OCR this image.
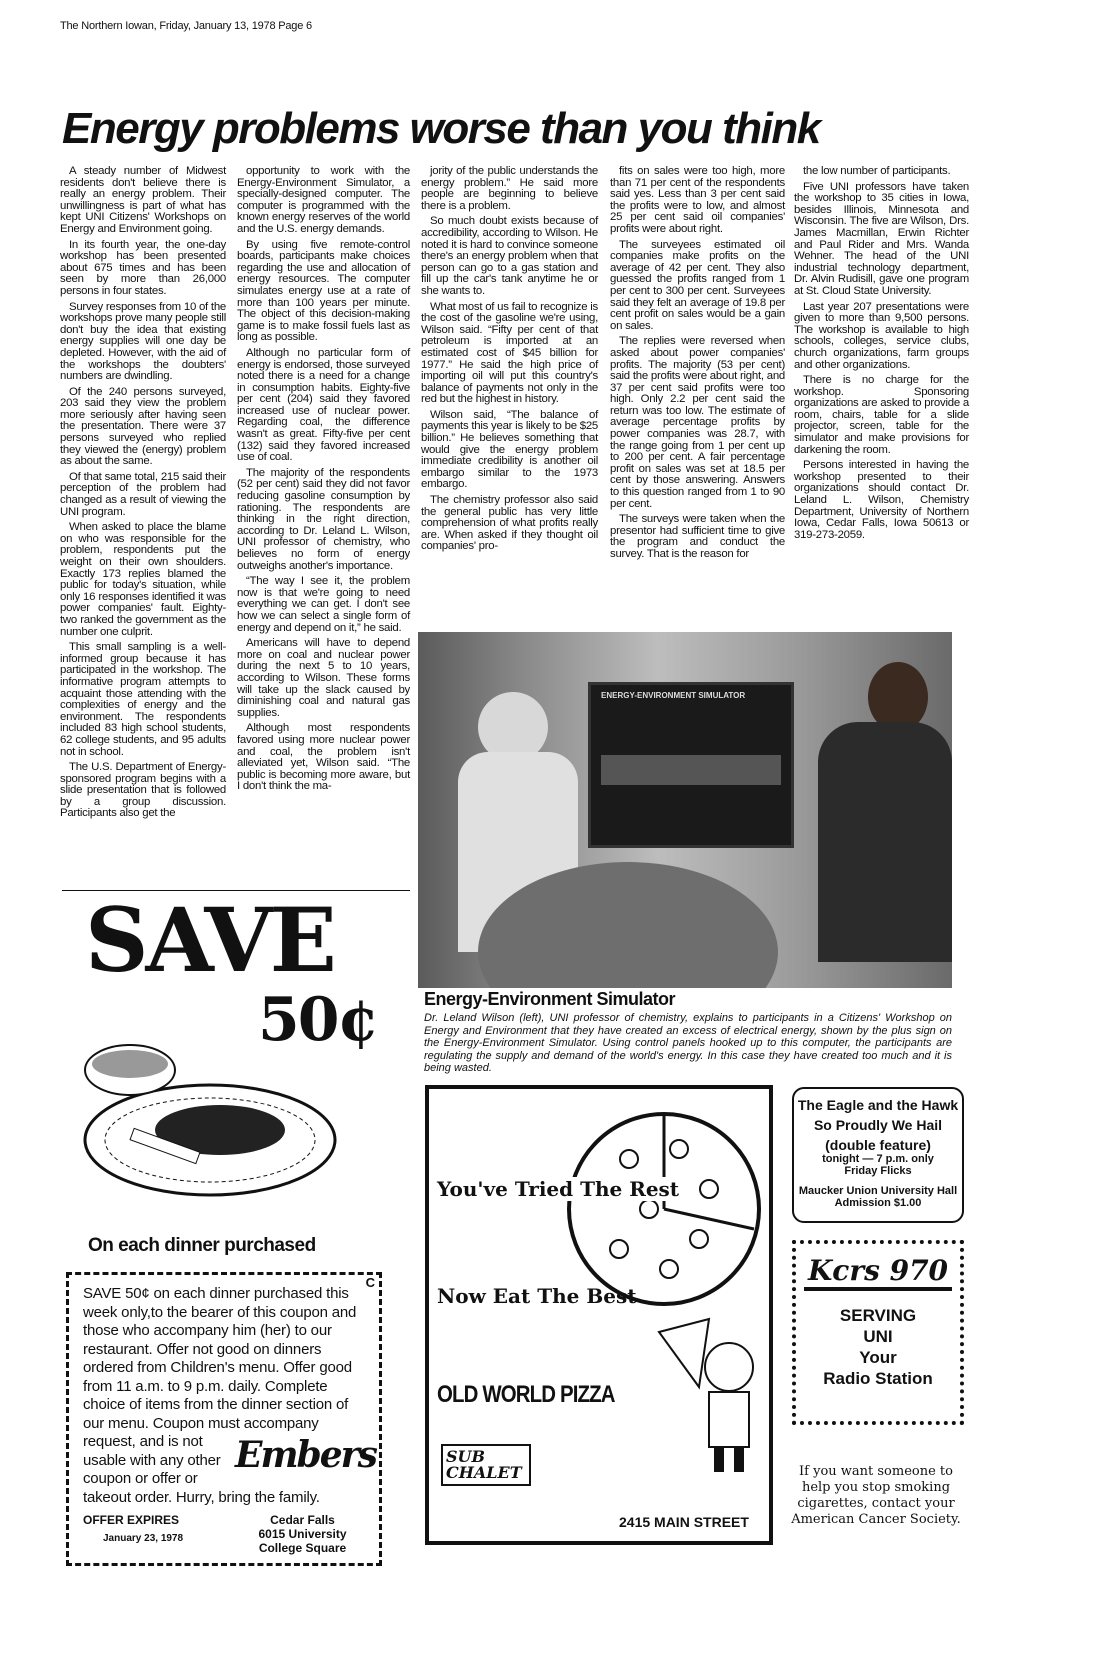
The Northern Iowan, Friday, January 13, 1978 Page 6
Energy problems worse than you think

A steady number of Midwest residents don't believe there is really an energy problem. Their unwillingness is part of what has kept UNI Citizens' Workshops on Energy and Environment going.

In its fourth year, the one-day workshop has been presented about 675 times and has been seen by more than 26,000 persons in four states.

Survey responses from 10 of the workshops prove many people still don't buy the idea that existing energy supplies will one day be depleted. However, with the aid of the workshops the doubters' numbers are dwindling.

Of the 240 persons surveyed, 203 said they view the problem more seriously after having seen the presentation. There were 37 persons surveyed who replied they viewed the (energy) problem as about the same.

Of that same total, 215 said their perception of the problem had changed as a result of viewing the UNI program.

When asked to place the blame on who was responsible for the problem, respondents put the weight on their own shoulders. Exactly 173 replies blamed the public for today's situation, while only 16 responses identified it was power companies' fault. Eighty-two ranked the government as the number one culprit.

This small sampling is a well-informed group because it has participated in the workshop. The informative program attempts to acquaint those attending with the complexities of energy and the environment. The respondents included 83 high school students, 62 college students, and 95 adults not in school.

The U.S. Department of Energy-sponsored program begins with a slide presentation that is followed by a group discussion. Participants also get the

opportunity to work with the Energy-Environment Simulator, a specially-designed computer. The computer is programmed with the known energy reserves of the world and the U.S. energy demands.

By using five remote-control boards, participants make choices regarding the use and allocation of energy resources. The computer simulates energy use at a rate of more than 100 years per minute. The object of this decision-making game is to make fossil fuels last as long as possible.

Although no particular form of energy is endorsed, those surveyed noted there is a need for a change in consumption habits. Eighty-five per cent (204) said they favored increased use of nuclear power. Regarding coal, the difference wasn't as great. Fifty-five per cent (132) said they favored increased use of coal.

The majority of the respondents (52 per cent) said they did not favor reducing gasoline consumption by rationing. The respondents are thinking in the right direction, according to Dr. Leland L. Wilson, UNI professor of chemistry, who believes no form of energy outweighs another's importance.

“The way I see it, the problem now is that we're going to need everything we can get. I don't see how we can select a single form of energy and depend on it,” he said.

Americans will have to depend more on coal and nuclear power during the next 5 to 10 years, according to Wilson. These forms will take up the slack caused by diminishing coal and natural gas supplies.

Although most respondents favored using more nuclear power and coal, the problem isn't alleviated yet, Wilson said. “The public is becoming more aware, but I don't think the ma-

jority of the public understands the energy problem.” He said more people are beginning to believe there is a problem.

So much doubt exists because of accredibility, according to Wilson. He noted it is hard to convince someone there's an energy problem when that person can go to a gas station and fill up the car's tank anytime he or she wants to.

What most of us fail to recognize is the cost of the gasoline we're using, Wilson said. “Fifty per cent of that petroleum is imported at an estimated cost of $45 billion for 1977.” He said the high price of importing oil will put this country's balance of payments not only in the red but the highest in history.

Wilson said, “The balance of payments this year is likely to be $25 billion.” He believes something that would give the energy problem immediate credibility is another oil embargo similar to the 1973 embargo.

The chemistry professor also said the general public has very little comprehension of what profits really are. When asked if they thought oil companies' pro-

fits on sales were too high, more than 71 per cent of the respondents said yes. Less than 3 per cent said the profits were to low, and almost 25 per cent said oil companies' profits were about right.

The surveyees estimated oil companies make profits on the average of 42 per cent. They also guessed the profits ranged from 1 per cent to 300 per cent. Surveyees said they felt an average of 19.8 per cent profit on sales would be a gain on sales.

The replies were reversed when asked about power companies' profits. The majority (53 per cent) said the profits were about right, and 37 per cent said profits were too high. Only 2.2 per cent said the return was too low. The estimate of average percentage profits by power companies was 28.7, with the range going from 1 per cent up to 200 per cent. A fair percentage profit on sales was set at 18.5 per cent by those answering. Answers to this question ranged from 1 to 90 per cent.

The surveys were taken when the presentor had sufficient time to give the program and conduct the survey. That is the reason for

the low number of participants.

Five UNI professors have taken the workshop to 35 cities in Iowa, besides Illinois, Minnesota and Wisconsin. The five are Wilson, Drs. James Macmillan, Erwin Richter and Paul Rider and Mrs. Wanda Wehner. The head of the UNI industrial technology department, Dr. Alvin Rudisill, gave one program at St. Cloud State University.

Last year 207 presentations were given to more than 9,500 persons. The workshop is available to high schools, colleges, service clubs, church organizations, farm groups and other organizations.

There is no charge for the workshop. Sponsoring organizations are asked to provide a room, chairs, table for a slide projector, screen, table for the simulator and make provisions for darkening the room.

Persons interested in having the workshop presented to their organizations should contact Dr. Leland L. Wilson, Chemistry Department, University of Northern Iowa, Cedar Falls, Iowa 50613 or 319-273-2059.

ENERGY-ENVIRONMENT SIMULATOR
Energy-Environment Simulator
Dr. Leland Wilson (left), UNI professor of chemistry, explains to participants in a Citizens' Workshop on Energy and Environment that they have created an excess of electrical energy, shown by the plus sign on the Energy-Environment Simulator. Using control panels hooked up to this computer, the participants are regulating the supply and demand of the world's energy. In this case they have created too much and it is being wasted.
SAVE
50¢
On each dinner purchased
C
Embers
SAVE 50¢ on each dinner purchased this week only,to the bearer of this coupon and those who accompany him (her) to our restaurant. Offer not good on dinners ordered from Children's menu. Offer good from 11 a.m. to 9 p.m. daily. Complete choice of items from the dinner section of our menu. Coupon must accompany request, and is not usable with any other coupon or offer or takeout order. Hurry, bring the family.
OFFER EXPIRES
January 23, 1978
Cedar Falls
6015 University
College Square
You've Tried The Rest
Now Eat The Best
OLD WORLD PIZZA
SUB CHALET
2415 MAIN STREET
The Eagle and the Hawk
So Proudly We Hail
(double feature)
tonight — 7 p.m. only
Friday Flicks
Maucker Union University Hall
Admission $1.00
Kcrs 970
SERVING
UNI
Your
Radio Station
If you want someone to help you stop smoking cigarettes, contact your American Cancer Society.
